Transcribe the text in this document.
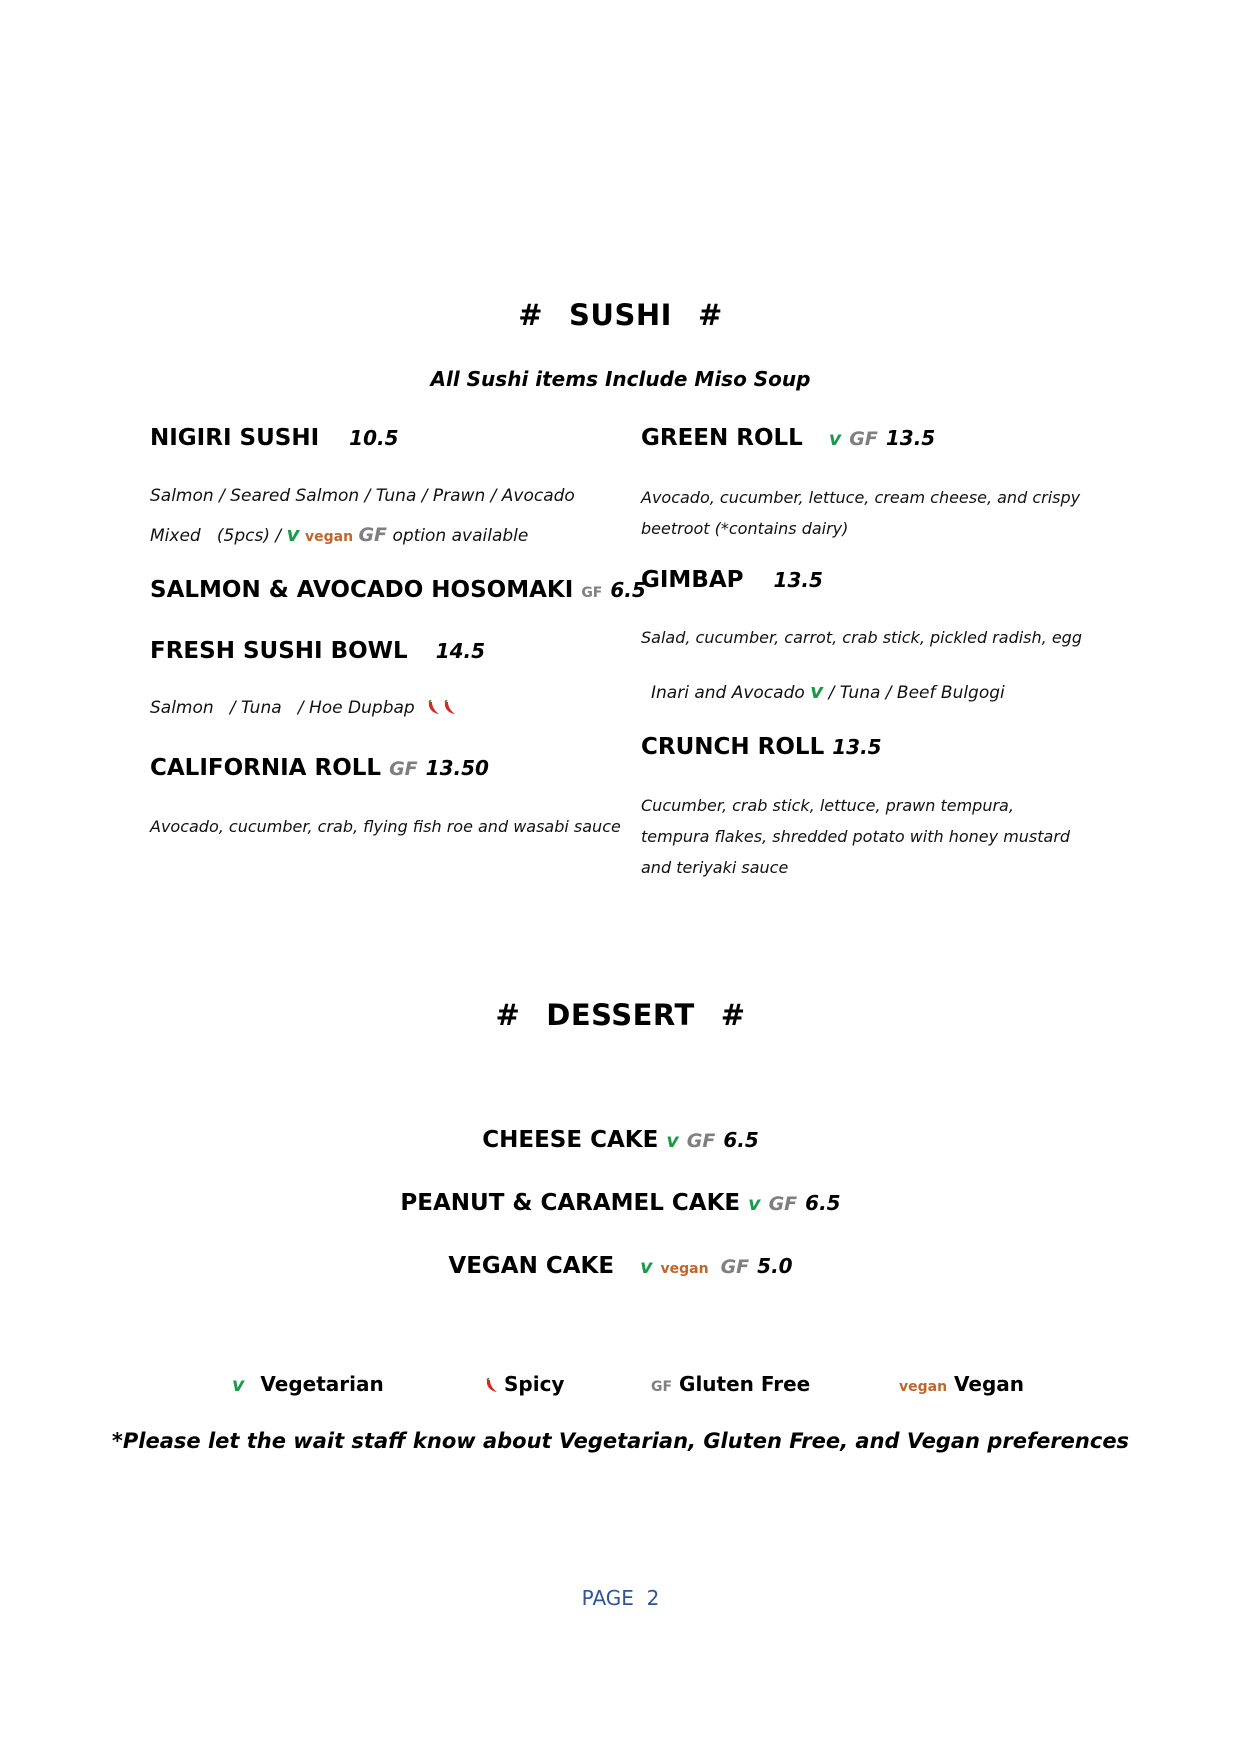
# SUSHI #
All Sushi items Include Miso Soup
NIGIRI SUSHI 10.5
Salmon / Seared Salmon / Tuna / Prawn / Avocado
Mixed   (5pcs) / v vegan GF option available
SALMON & AVOCADO HOSOMAKI GF 6.5
FRESH SUSHI BOWL 14.5
Salmon   / Tuna   / Hoe Dupbap
CALIFORNIA ROLL GF 13.50
Avocado, cucumber, crab, flying fish roe and wasabi sauce
GREEN ROLL v GF 13.5
Avocado, cucumber, lettuce, cream cheese, and crispy beetroot (*contains dairy)
GIMBAP 13.5
Salad, cucumber, carrot, crab stick, pickled radish, egg
Inari and Avocado v / Tuna / Beef Bulgogi
CRUNCH ROLL 13.5
Cucumber, crab stick, lettuce, prawn tempura, tempura flakes, shredded potato with honey mustard and teriyaki sauce
# DESSERT #
CHEESE CAKE v GF 6.5
PEANUT & CARAMEL CAKE v GF 6.5
VEGAN CAKE v vegan GF 5.0
v Vegetarian	Spicy	GF Gluten Free	vegan Vegan
*Please let the wait staff know about Vegetarian, Gluten Free, and Vegan preferences
PAGE  2
